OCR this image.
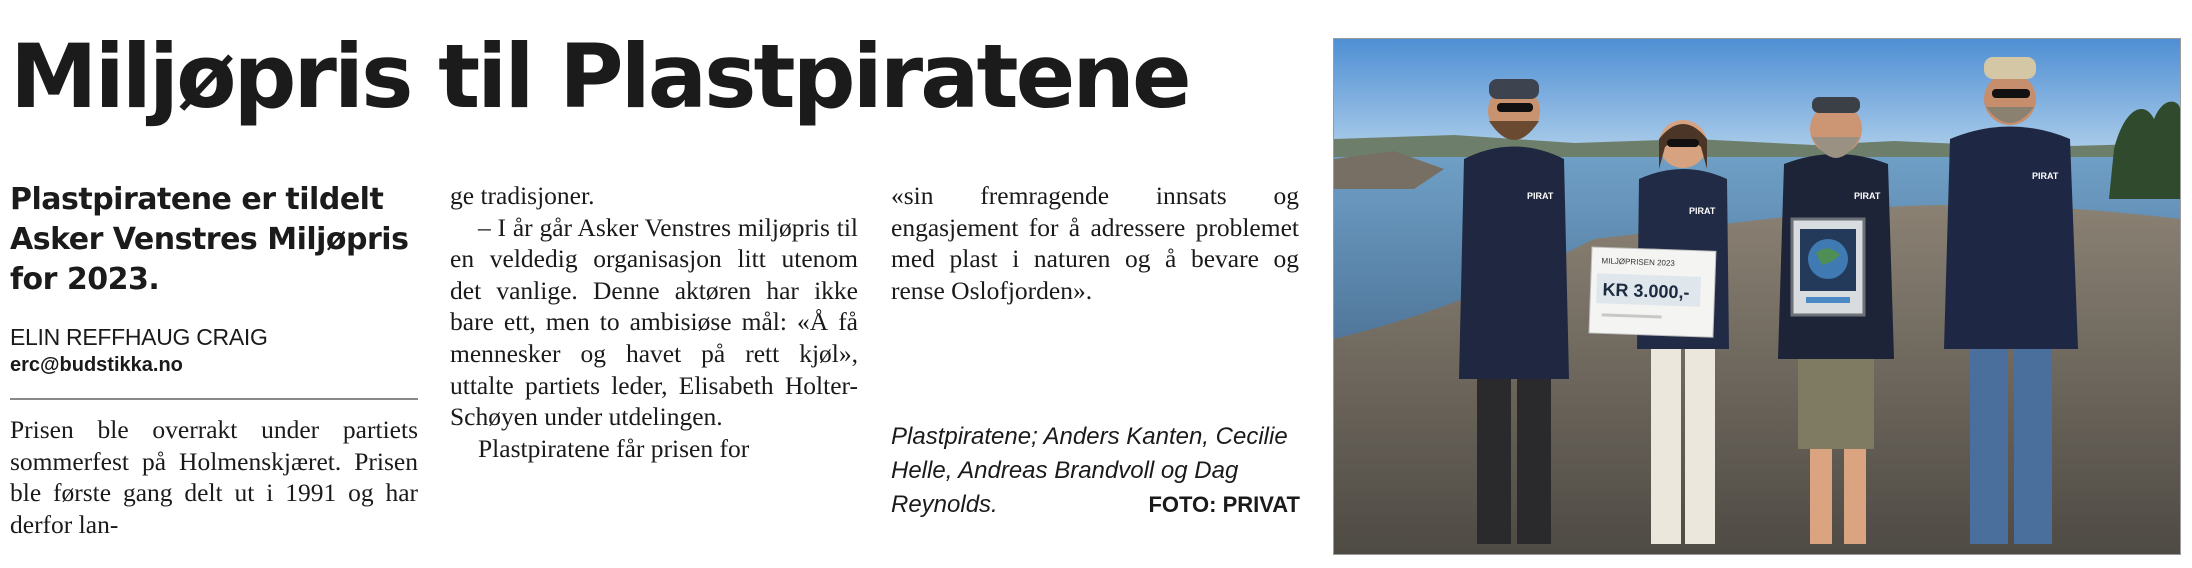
Miljøpris til Plastpiratene

Plastpiratene er tildelt Asker Venstres Miljøpris for 2023.

ELIN REFFHAUG CRAIG
erc@budstikka.no

Prisen ble overrakt under partiets sommerfest på Holmenskjæret. Prisen ble første gang delt ut i 1991 og har derfor lan-

ge tradisjoner.

– I år går Asker Venstres miljøpris til en veldedig organisasjon litt utenom det vanlige. Denne aktøren har ikke bare ett, men to ambisiøse mål: «Å få mennesker og havet på rett kjøl», uttalte partiets leder, Elisabeth Holter-Schøyen under utdelingen.

Plastpiratene får prisen for

«sin fremragende innsats og engasjement for å adressere problemet med plast i naturen og å bevare og rense Oslofjorden».

Plastpiratene; Anders Kanten, Cecilie Helle, Andreas Brandvoll og Dag Reynolds.	FOTO: PRIVAT
PIRAT
PIRAT
PIRAT
PIRAT
MILJØPRISEN 2023
KR 3.000,-
